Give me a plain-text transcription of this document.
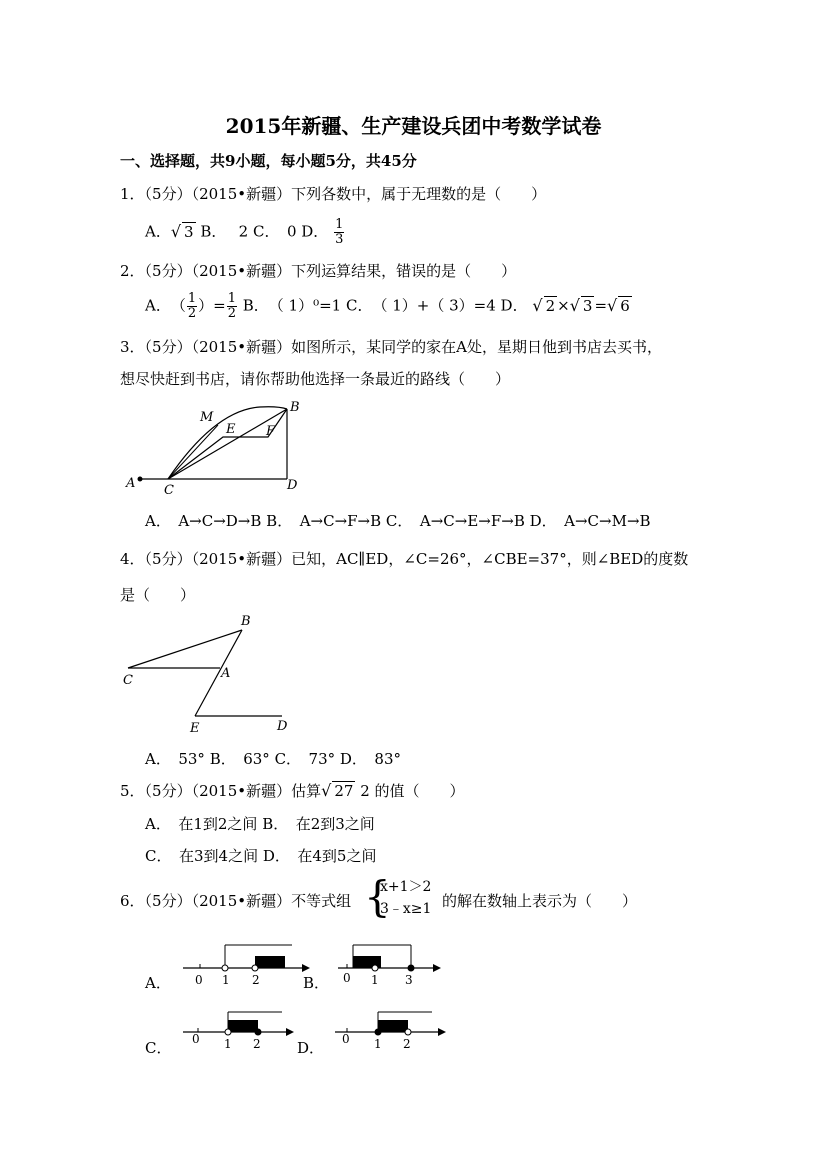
2015年新疆、生产建设兵团中考数学试卷
一、选择题，共9小题，每小题5分，共45分
1．（5分）（2015•新疆）下列各数中，属于无理数的是（　　）
A．√ 3 B．　 2 C．　0 D． $\frac{1}{3}$
2．（5分）（2015•新疆）下列运算结果，错误的是（　　）
A．　（ $\frac{1}{2}$ ）= $\frac{1}{2}$ B．　（ 1）⁰=1 C．　（ 1）+（ 3）=4 D． √ 2 ×√ 3 =√ 6
3．（5分）（2015•新疆）如图所示，某同学的家在A处，星期日他到书店去买书，
想尽快赶到书店，请你帮助他选择一条最近的路线（　　）
A C	D
B
M
E F
A．　A→C→D→B B．　A→C→F→B C．　A→C→E→F→B D．　A→C→M→B
4．（5分）（2015•新疆）已知，AC∥ED，∠C=26°，∠CBE=37°，则∠BED的度数
是（　　）
B
C	A
E	D
A．　53° B．　63° C．　73° D．　83°
5．（5分）（2015•新疆）估算√ 27 2 的值（　　）
A．　在1到2之间 B．　在2到3之间
C．　在3到4之间 D．　在4到5之间
6．（5分）（2015•新疆）不等式组 {
x+1＞2
3﹣x≥1 的解在数轴上表示为（　　）
A． 0 1 2	B． 0 1 3
C． 0 1 2 D． 0 1 2
